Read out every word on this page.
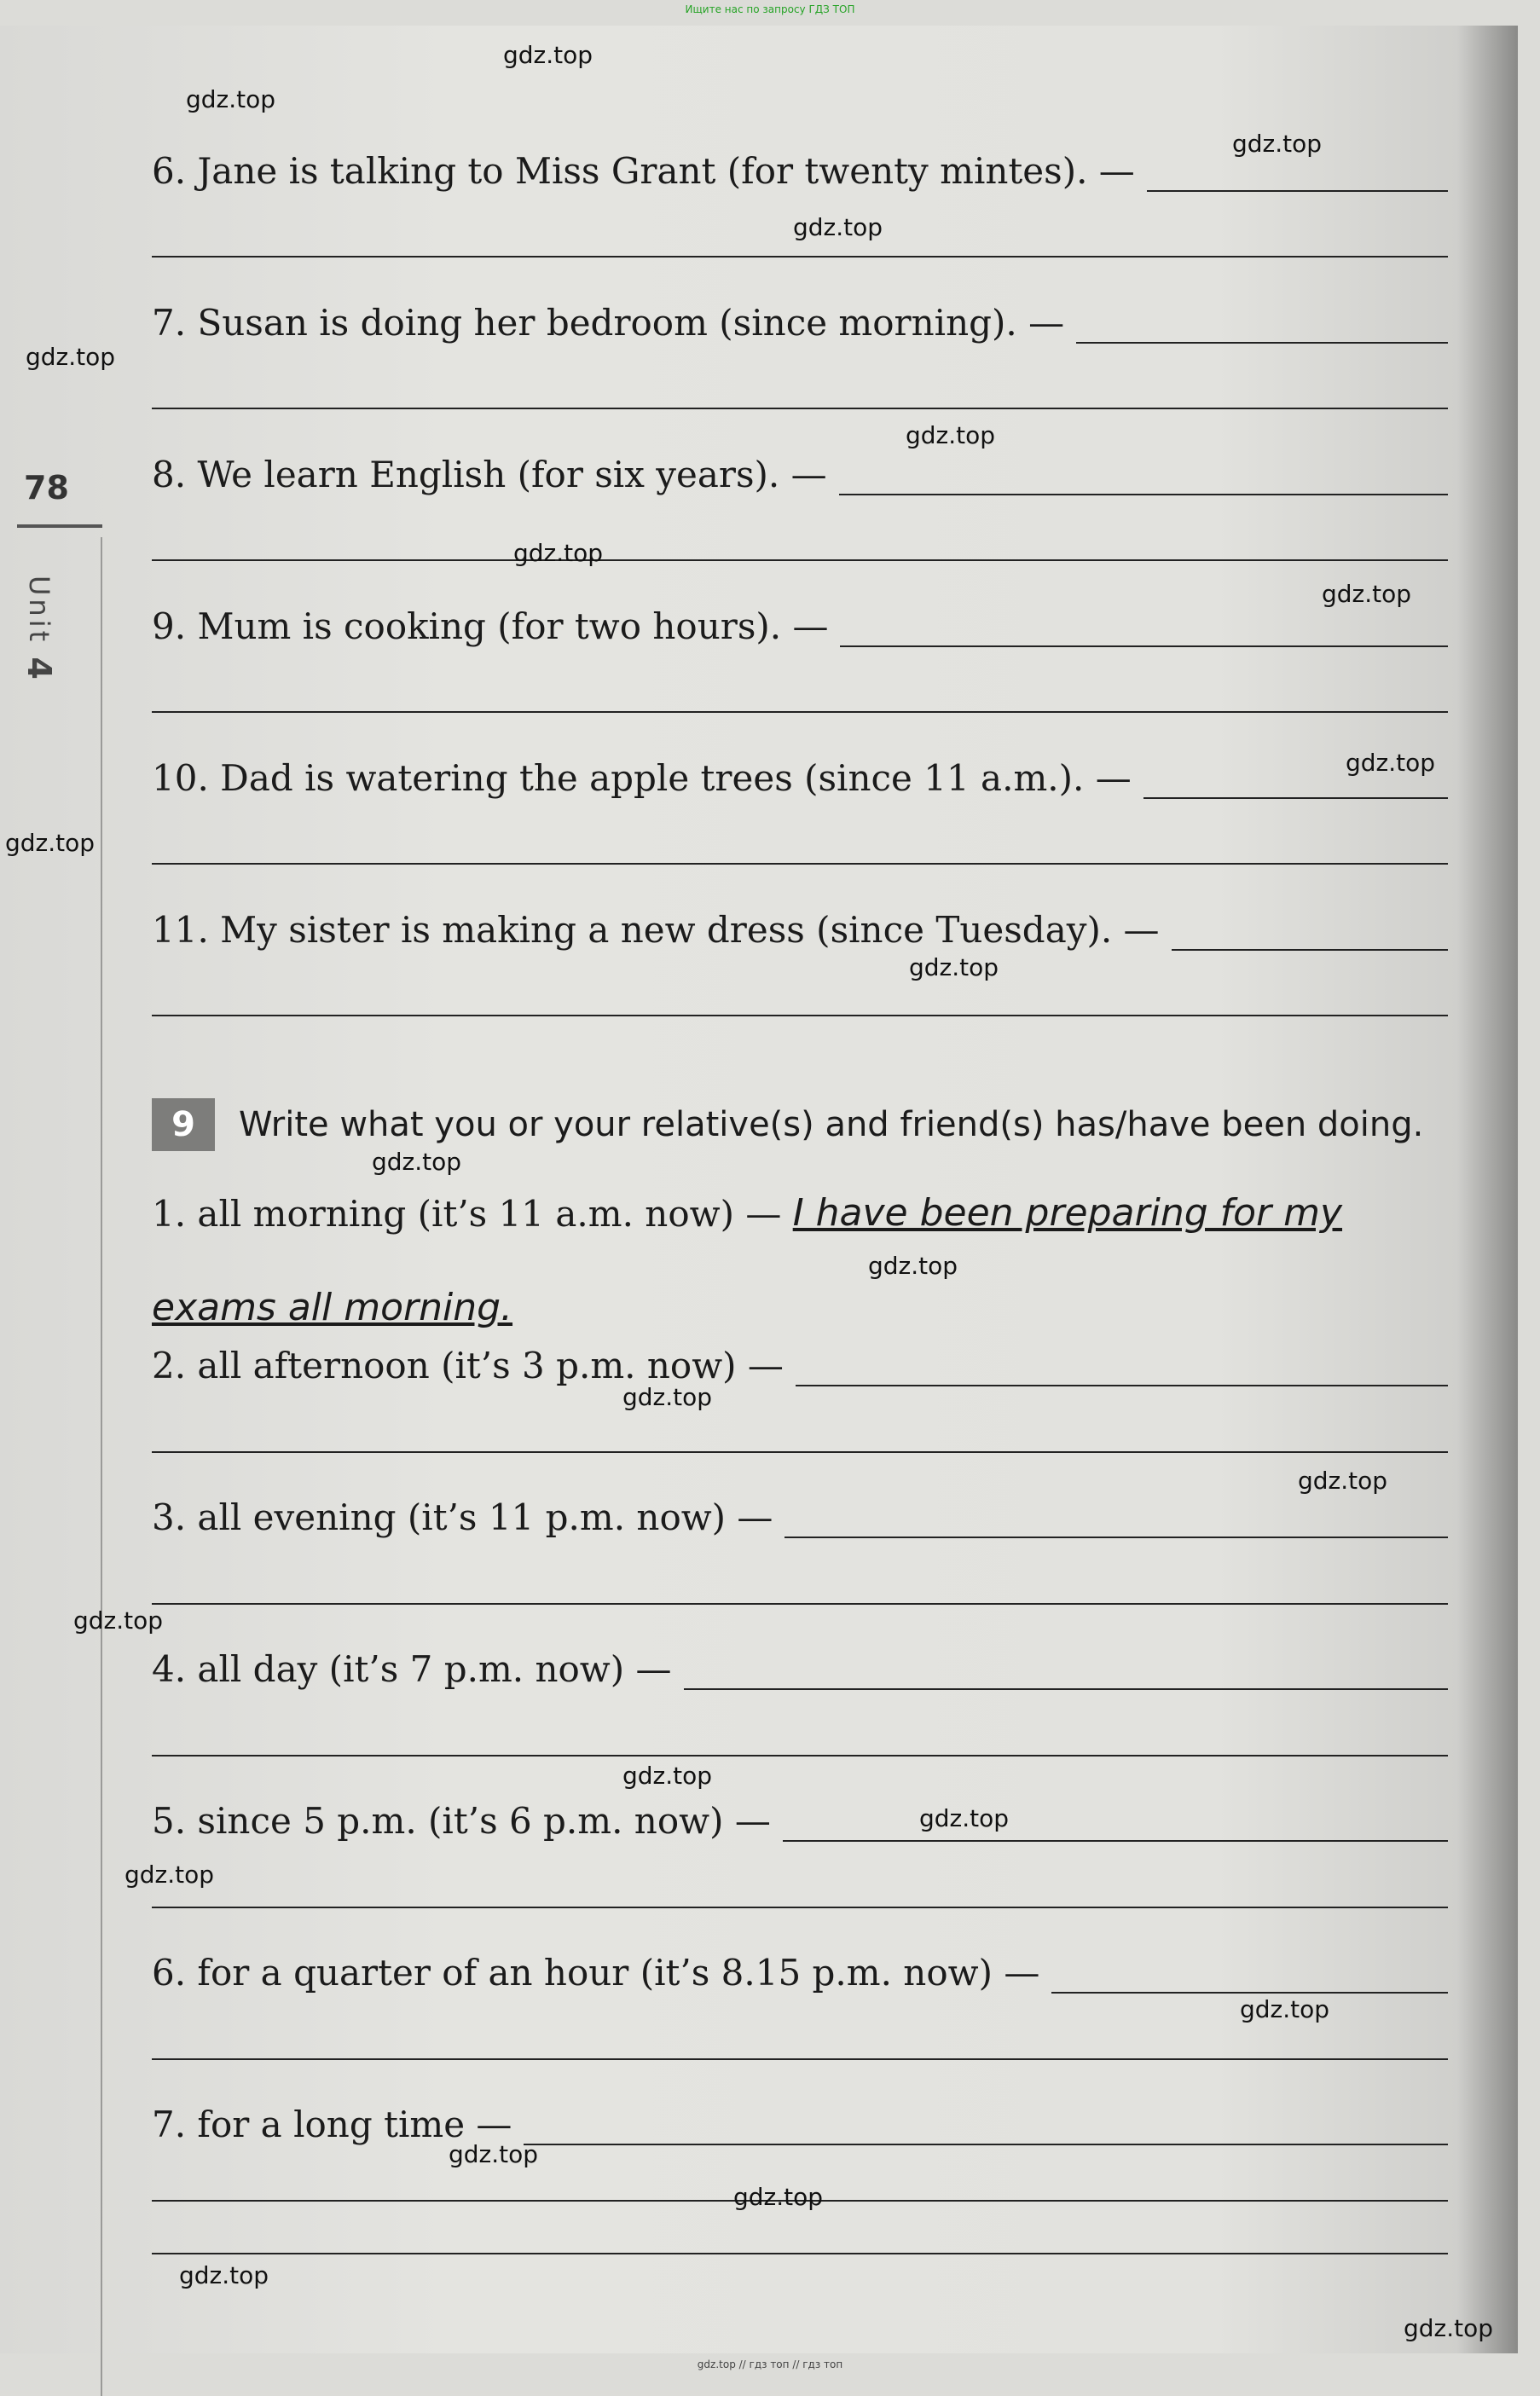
Ищите нас по запросу ГДЗ ТОП
78
Unit 4
6.
Jane is talking to Miss Grant (for twenty mintes). —
7.
Susan is doing her bedroom (since morning). —
8.
We learn English (for six years). —
9.
Mum is cooking (for two hours). —
10.
Dad is watering the apple trees (since 11 a.m.). —
11.
My sister is making a new dress (since Tuesday). —
9	Write what you or your relative(s) and friend(s) has/have been doing.
1. all morning (it’s 11 a.m. now) —
I have been preparing for my
exams all morning.
2. all afternoon (it’s 3 p.m. now) —
3. all evening (it’s 11 p.m. now) —
4. all day (it’s 7 p.m. now) —
5. since 5 p.m. (it’s 6 p.m. now) —
6. for a quarter of an hour (it’s 8.15 p.m. now) —
7. for a long time —
gdz.top
gdz.top
gdz.top
gdz.top
gdz.top
gdz.top
gdz.top
gdz.top
gdz.top
gdz.top
gdz.top
gdz.top
gdz.top
gdz.top
gdz.top
gdz.top
gdz.top
gdz.top
gdz.top
gdz.top
gdz.top
gdz.top
gdz.top
gdz.top
gdz.top // гдз топ // гдз топ
